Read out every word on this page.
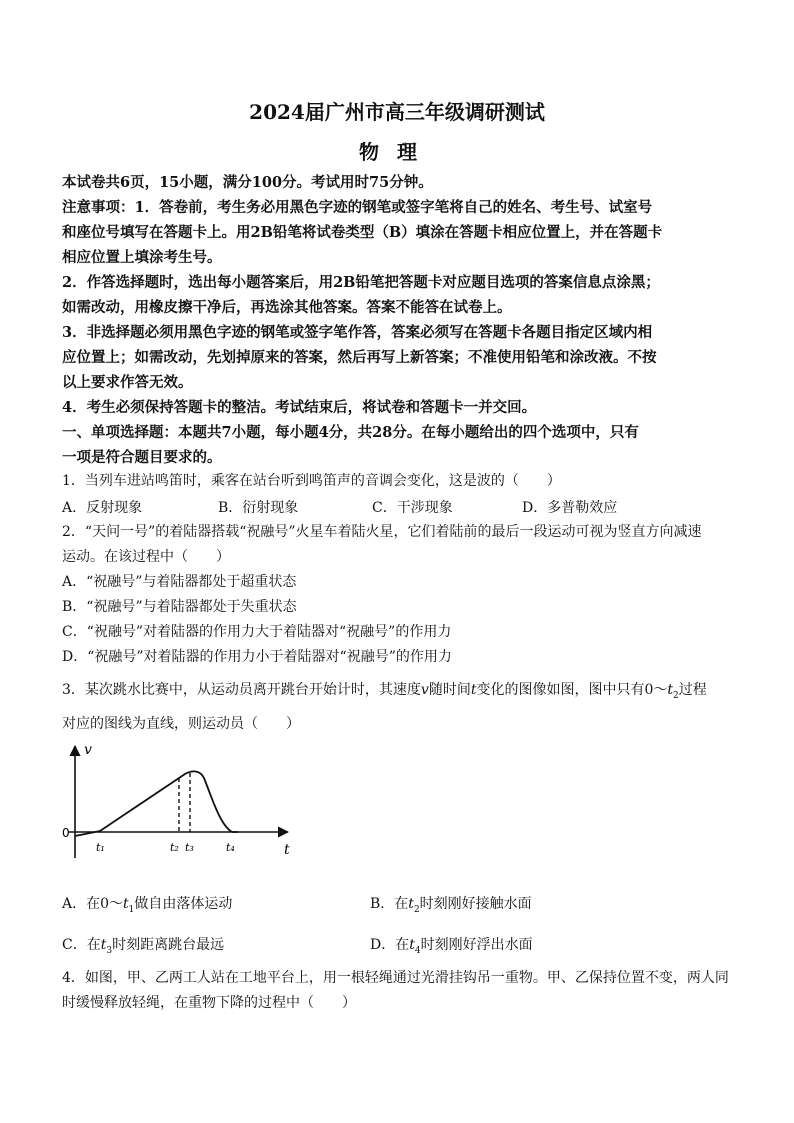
2024届广州市高三年级调研测试
物理
本试卷共6页，15小题，满分100分。考试用时75分钟。
注意事项：1．答卷前，考生务必用黑色字迹的钢笔或签字笔将自己的姓名、考生号、试室号
和座位号填写在答题卡上。用2B铅笔将试卷类型（B）填涂在答题卡相应位置上，并在答题卡
相应位置上填涂考生号。
2．作答选择题时，选出每小题答案后，用2B铅笔把答题卡对应题目选项的答案信息点涂黑；
如需改动，用橡皮擦干净后，再选涂其他答案。答案不能答在试卷上。
3．非选择题必须用黑色字迹的钢笔或签字笔作答，答案必须写在答题卡各题目指定区域内相
应位置上；如需改动，先划掉原来的答案，然后再写上新答案；不准使用铅笔和涂改液。不按
以上要求作答无效。
4．考生必须保持答题卡的整洁。考试结束后，将试卷和答题卡一并交回。
一、单项选择题：本题共7小题，每小题4分，共28分。在每小题给出的四个选项中，只有
一项是符合题目要求的。
1．当列车进站鸣笛时，乘客在站台听到鸣笛声的音调会变化，这是波的（　　）
A．反射现象	B．衍射现象	C．干涉现象	D．多普勒效应
2．“天问一号”的着陆器搭载“祝融号”火星车着陆火星，它们着陆前的最后一段运动可视为竖直方向减速
运动。在该过程中（　　）
A．“祝融号”与着陆器都处于超重状态
B．“祝融号”与着陆器都处于失重状态
C．“祝融号”对着陆器的作用力大于着陆器对“祝融号”的作用力
D．“祝融号”对着陆器的作用力小于着陆器对“祝融号”的作用力
3．某次跳水比赛中，从运动员离开跳台开始计时，其速度v随时间t变化的图像如图，图中只有$0\sim t_2$过程
对应的图线为直线，则运动员（　　）
v
t
0
t₁	t₂ t₃	t₄
A．在$0\sim t_1$做自由落体运动	B．在$t_2$时刻刚好接触水面
C．在$t_3$时刻距离跳台最远	D．在$t_4$时刻刚好浮出水面
4．如图，甲、乙两工人站在工地平台上，用一根轻绳通过光滑挂钩吊一重物。甲、乙保持位置不变，两人同
时缓慢释放轻绳，在重物下降的过程中（　　）
